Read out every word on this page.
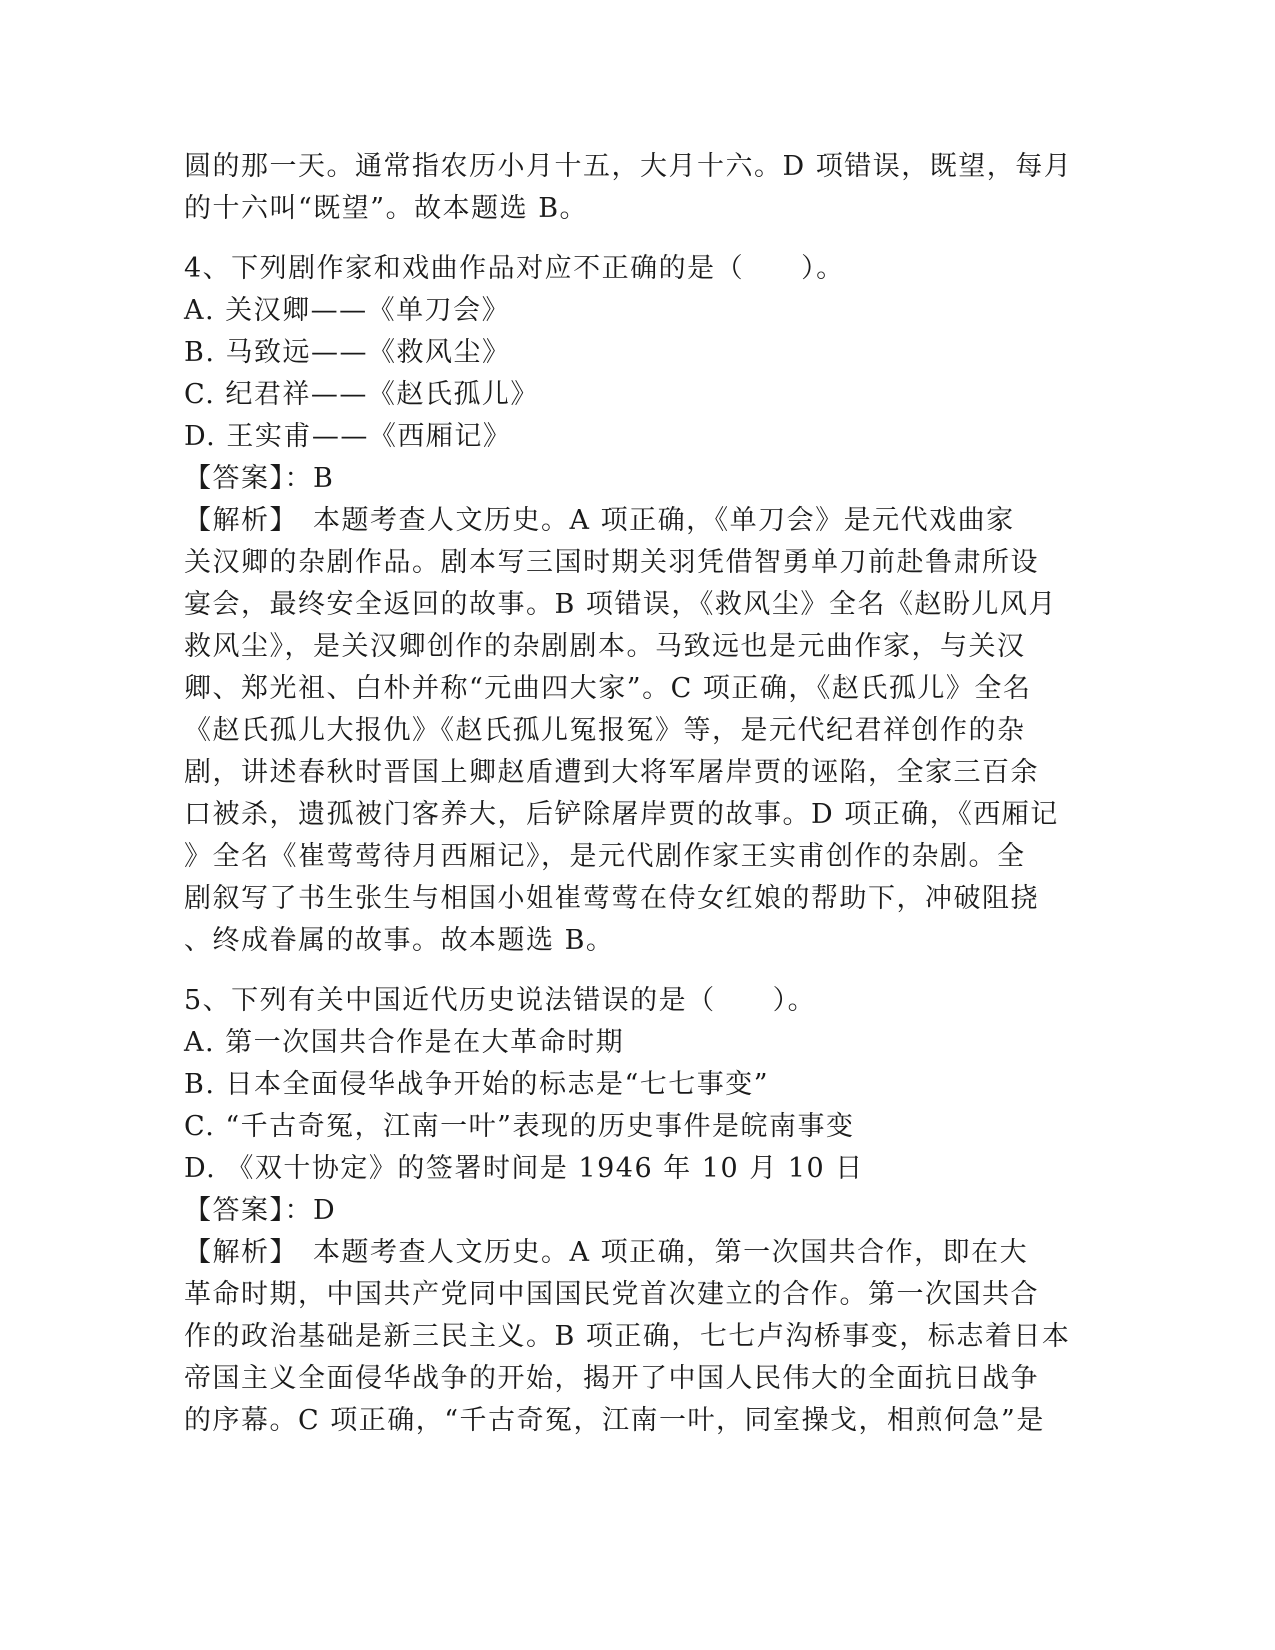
圆的那一天。通常指农历小月十五，大月十六。D 项错误，既望，每月
的十六叫“既望”。故本题选 B。
4、下列剧作家和戏曲作品对应不正确的是（　　）。
A. 关汉卿——《单刀会》
B. 马致远——《救风尘》
C. 纪君祥——《赵氏孤儿》
D. 王实甫——《西厢记》
【答案】：B
【解析】　本题考查人文历史。A 项正确，《单刀会》是元代戏曲家
关汉卿的杂剧作品。剧本写三国时期关羽凭借智勇单刀前赴鲁肃所设
宴会，最终安全返回的故事。B 项错误，《救风尘》全名《赵盼儿风月
救风尘》，是关汉卿创作的杂剧剧本。马致远也是元曲作家，与关汉
卿、郑光祖、白朴并称“元曲四大家”。C 项正确，《赵氏孤儿》全名
《赵氏孤儿大报仇》《赵氏孤儿冤报冤》等，是元代纪君祥创作的杂
剧，讲述春秋时晋国上卿赵盾遭到大将军屠岸贾的诬陷，全家三百余
口被杀，遗孤被门客养大，后铲除屠岸贾的故事。D 项正确，《西厢记
》全名《崔莺莺待月西厢记》，是元代剧作家王实甫创作的杂剧。全
剧叙写了书生张生与相国小姐崔莺莺在侍女红娘的帮助下，冲破阻挠
、终成眷属的故事。故本题选 B。
5、下列有关中国近代历史说法错误的是（　　）。
A. 第一次国共合作是在大革命时期
B. 日本全面侵华战争开始的标志是“七七事变”
C. “千古奇冤，江南一叶”表现的历史事件是皖南事变
D. 《双十协定》的签署时间是 1946 年 10 月 10 日
【答案】：D
【解析】　本题考查人文历史。A 项正确，第一次国共合作，即在大
革命时期，中国共产党同中国国民党首次建立的合作。第一次国共合
作的政治基础是新三民主义。B 项正确，七七卢沟桥事变，标志着日本
帝国主义全面侵华战争的开始，揭开了中国人民伟大的全面抗日战争
的序幕。C 项正确，“千古奇冤，江南一叶，同室操戈，相煎何急”是
